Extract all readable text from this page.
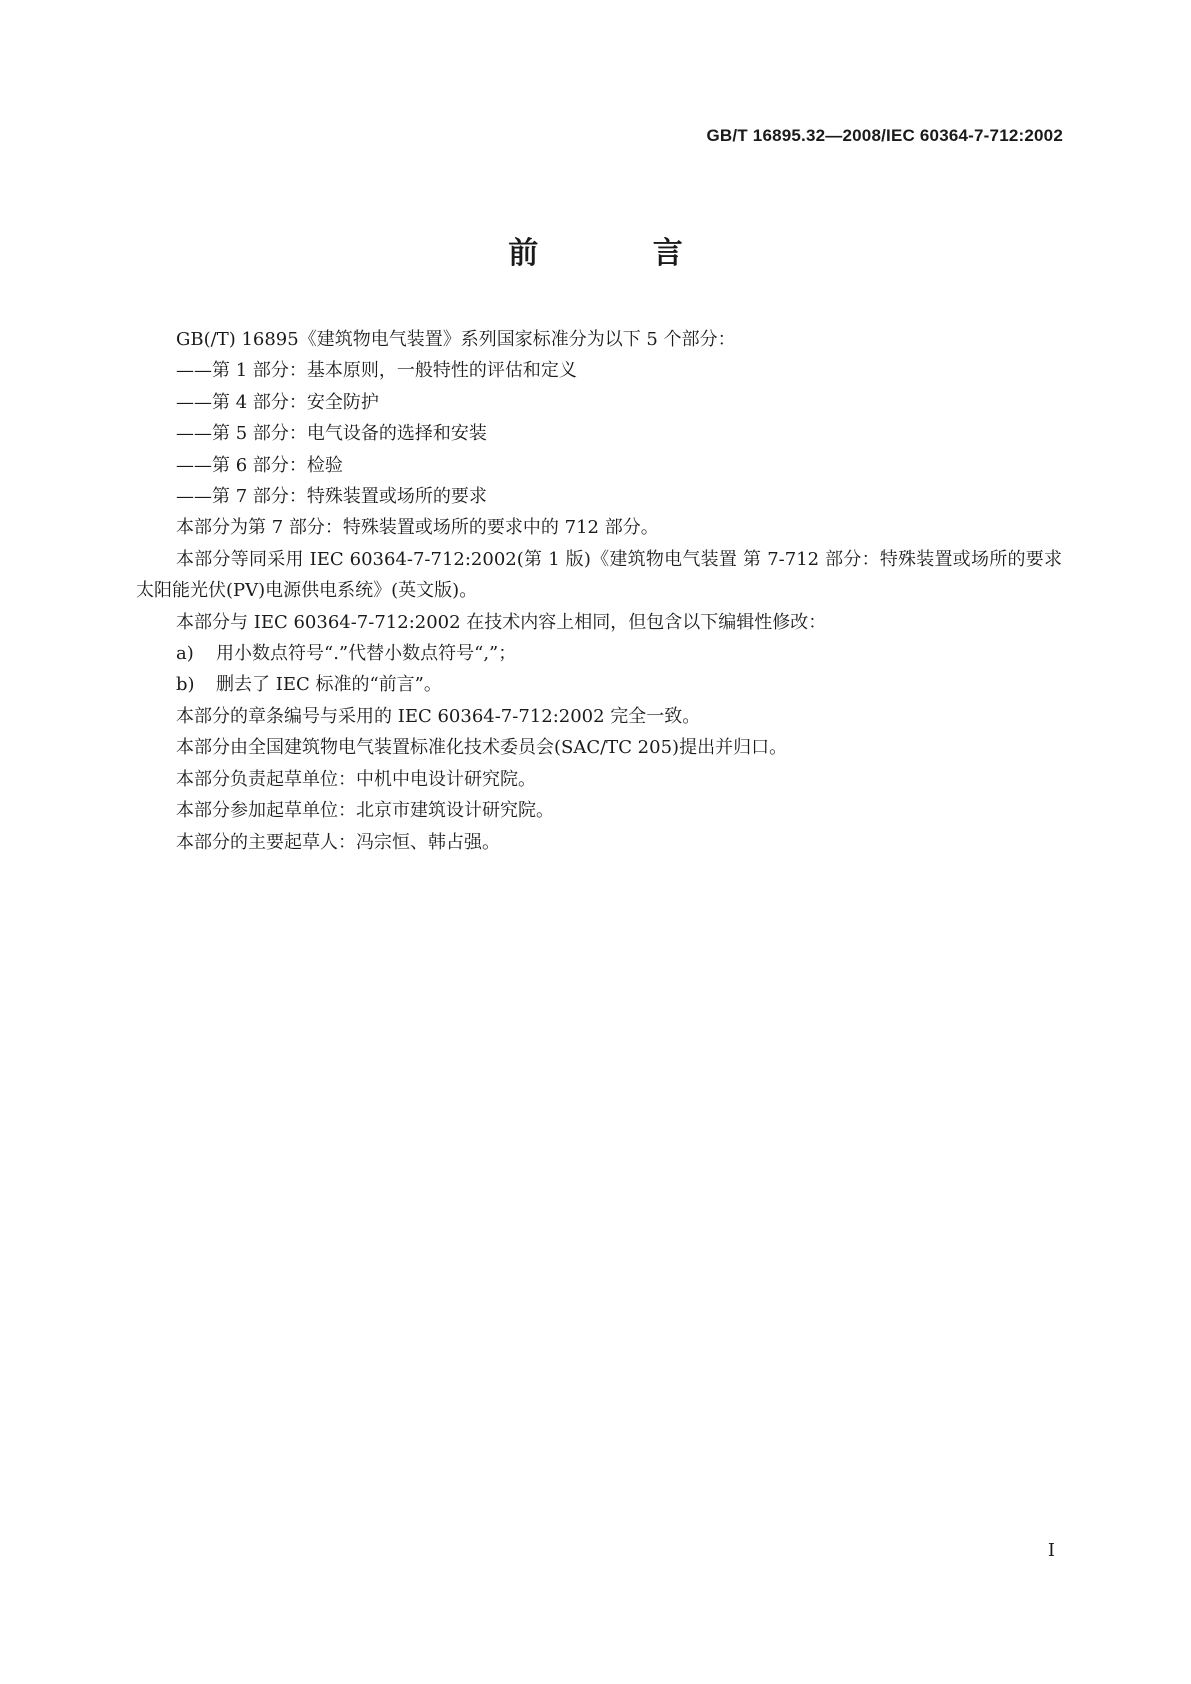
GB/T 16895.32—2008/IEC 60364-7-712:2002
前 言

GB(/T) 16895《建筑物电气装置》系列国家标准分为以下 5 个部分：

——第 1 部分：基本原则，一般特性的评估和定义

——第 4 部分：安全防护

——第 5 部分：电气设备的选择和安装

——第 6 部分：检验

——第 7 部分：特殊装置或场所的要求

本部分为第 7 部分：特殊装置或场所的要求中的 712 部分。

本部分等同采用 IEC 60364-7-712:2002(第 1 版)《建筑物电气装置 第 7-712 部分：特殊装置或场所的要求 太阳能光伏(PV)电源供电系统》(英文版)。

本部分与 IEC 60364-7-712:2002 在技术内容上相同，但包含以下编辑性修改：

a) 用小数点符号“.”代替小数点符号“,”；

b) 删去了 IEC 标准的“前言”。

本部分的章条编号与采用的 IEC 60364-7-712:2002 完全一致。

本部分由全国建筑物电气装置标准化技术委员会(SAC/TC 205)提出并归口。

本部分负责起草单位：中机中电设计研究院。

本部分参加起草单位：北京市建筑设计研究院。

本部分的主要起草人：冯宗恒、韩占强。

I
